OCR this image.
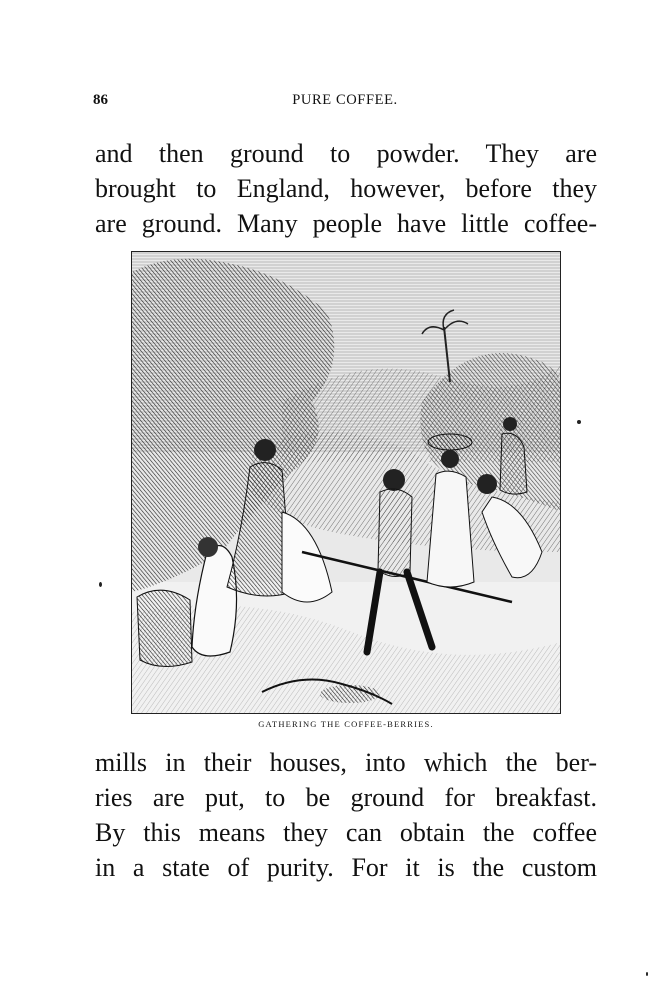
86	PURE COFFEE.
and then ground to powder. They are
brought to England, however, before they
are ground. Many people have little coffee-
GATHERING THE COFFEE-BERRIES.
mills in their houses, into which the ber-
ries are put, to be ground for breakfast.
By this means they can obtain the coffee
in a state of purity. For it is the custom
